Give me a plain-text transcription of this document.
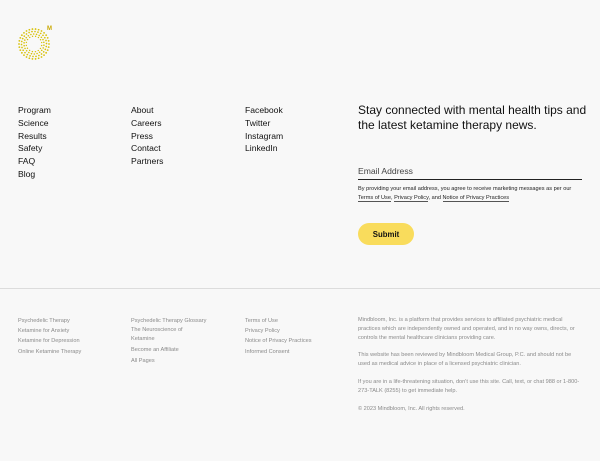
M
Program
Science
Results
Safety
FAQ
Blog
About
Careers
Press
Contact
Partners
Facebook
Twitter
Instagram
LinkedIn
Stay connected with mental health tips and the latest ketamine therapy news.
Email Address
By providing your email address, you agree to receive marketing messages as per our Terms of Use, Privacy Policy, and Notice of Privacy Practices
Submit
Psychedelic Therapy
Ketamine for Anxiety
Ketamine for Depression
Online Ketamine Therapy
Psychedelic Therapy Glossary
The Neuroscience of Ketamine
Become an Affiliate
All Pages
Terms of Use
Privacy Policy
Notice of Privacy Practices
Informed Consent

Mindbloom, Inc. is a platform that provides services to affiliated psychiatric medical practices which are independently owned and operated, and in no way owns, directs, or controls the mental healthcare clinicians providing care.

This website has been reviewed by Mindbloom Medical Group, P.C. and should not be used as medical advice in place of a licensed psychiatric clinician.

If you are in a life-threatening situation, don't use this site. Call, text, or chat 988 or 1-800-273-TALK (8255) to get immediate help.

© 2023 Mindbloom, Inc. All rights reserved.
